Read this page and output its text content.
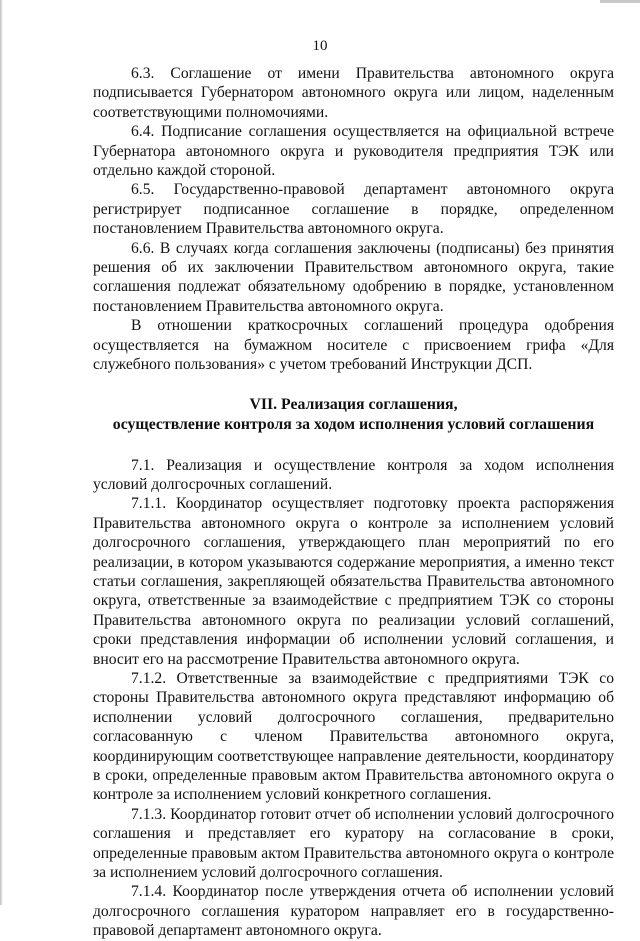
10

6.3. Соглашение от имени Правительства автономного округа подписывается Губернатором автономного округа или лицом, наделенным соответствующими полномочиями.

6.4. Подписание соглашения осуществляется на официальной встрече Губернатора автономного округа и руководителя предприятия ТЭК или отдельно каждой стороной.

6.5. Государственно-правовой департамент автономного округа регистрирует подписанное соглашение в порядке, определенном постановлением Правительства автономного округа.

6.6. В случаях когда соглашения заключены (подписаны) без принятия решения об их заключении Правительством автономного округа, такие соглашения подлежат обязательному одобрению в порядке, установленном постановлением Правительства автономного округа.

В отношении краткосрочных соглашений процедура одобрения осуществляется на бумажном носителе с присвоением грифа «Для служебного пользования» с учетом требований Инструкции ДСП.

VII. Реализация соглашения,

осуществление контроля за ходом исполнения условий соглашения

7.1. Реализация и осуществление контроля за ходом исполнения условий долгосрочных соглашений.

7.1.1. Координатор осуществляет подготовку проекта распоряжения Правительства автономного округа о контроле за исполнением условий долгосрочного соглашения, утверждающего план мероприятий по его реализации, в котором указываются содержание мероприятия, а именно текст статьи соглашения, закрепляющей обязательства Правительства автономного округа, ответственные за взаимодействие с предприятием ТЭК со стороны Правительства автономного округа по реализации условий соглашений, сроки представления информации об исполнении условий соглашения, и вносит его на рассмотрение Правительства автономного округа.

7.1.2. Ответственные за взаимодействие с предприятиями ТЭК со стороны Правительства автономного округа представляют информацию об исполнении условий долгосрочного соглашения, предварительно согласованную с членом Правительства автономного округа, координирующим соответствующее направление деятельности, координатору в сроки, определенные правовым актом Правительства автономного округа о контроле за исполнением условий конкретного соглашения.

7.1.3. Координатор готовит отчет об исполнении условий долгосрочного соглашения и представляет его куратору на согласование в сроки, определенные правовым актом Правительства автономного округа о контроле за исполнением условий долгосрочного соглашения.

7.1.4. Координатор после утверждения отчета об исполнении условий долгосрочного соглашения куратором направляет его в государственно-правовой департамент автономного округа.
